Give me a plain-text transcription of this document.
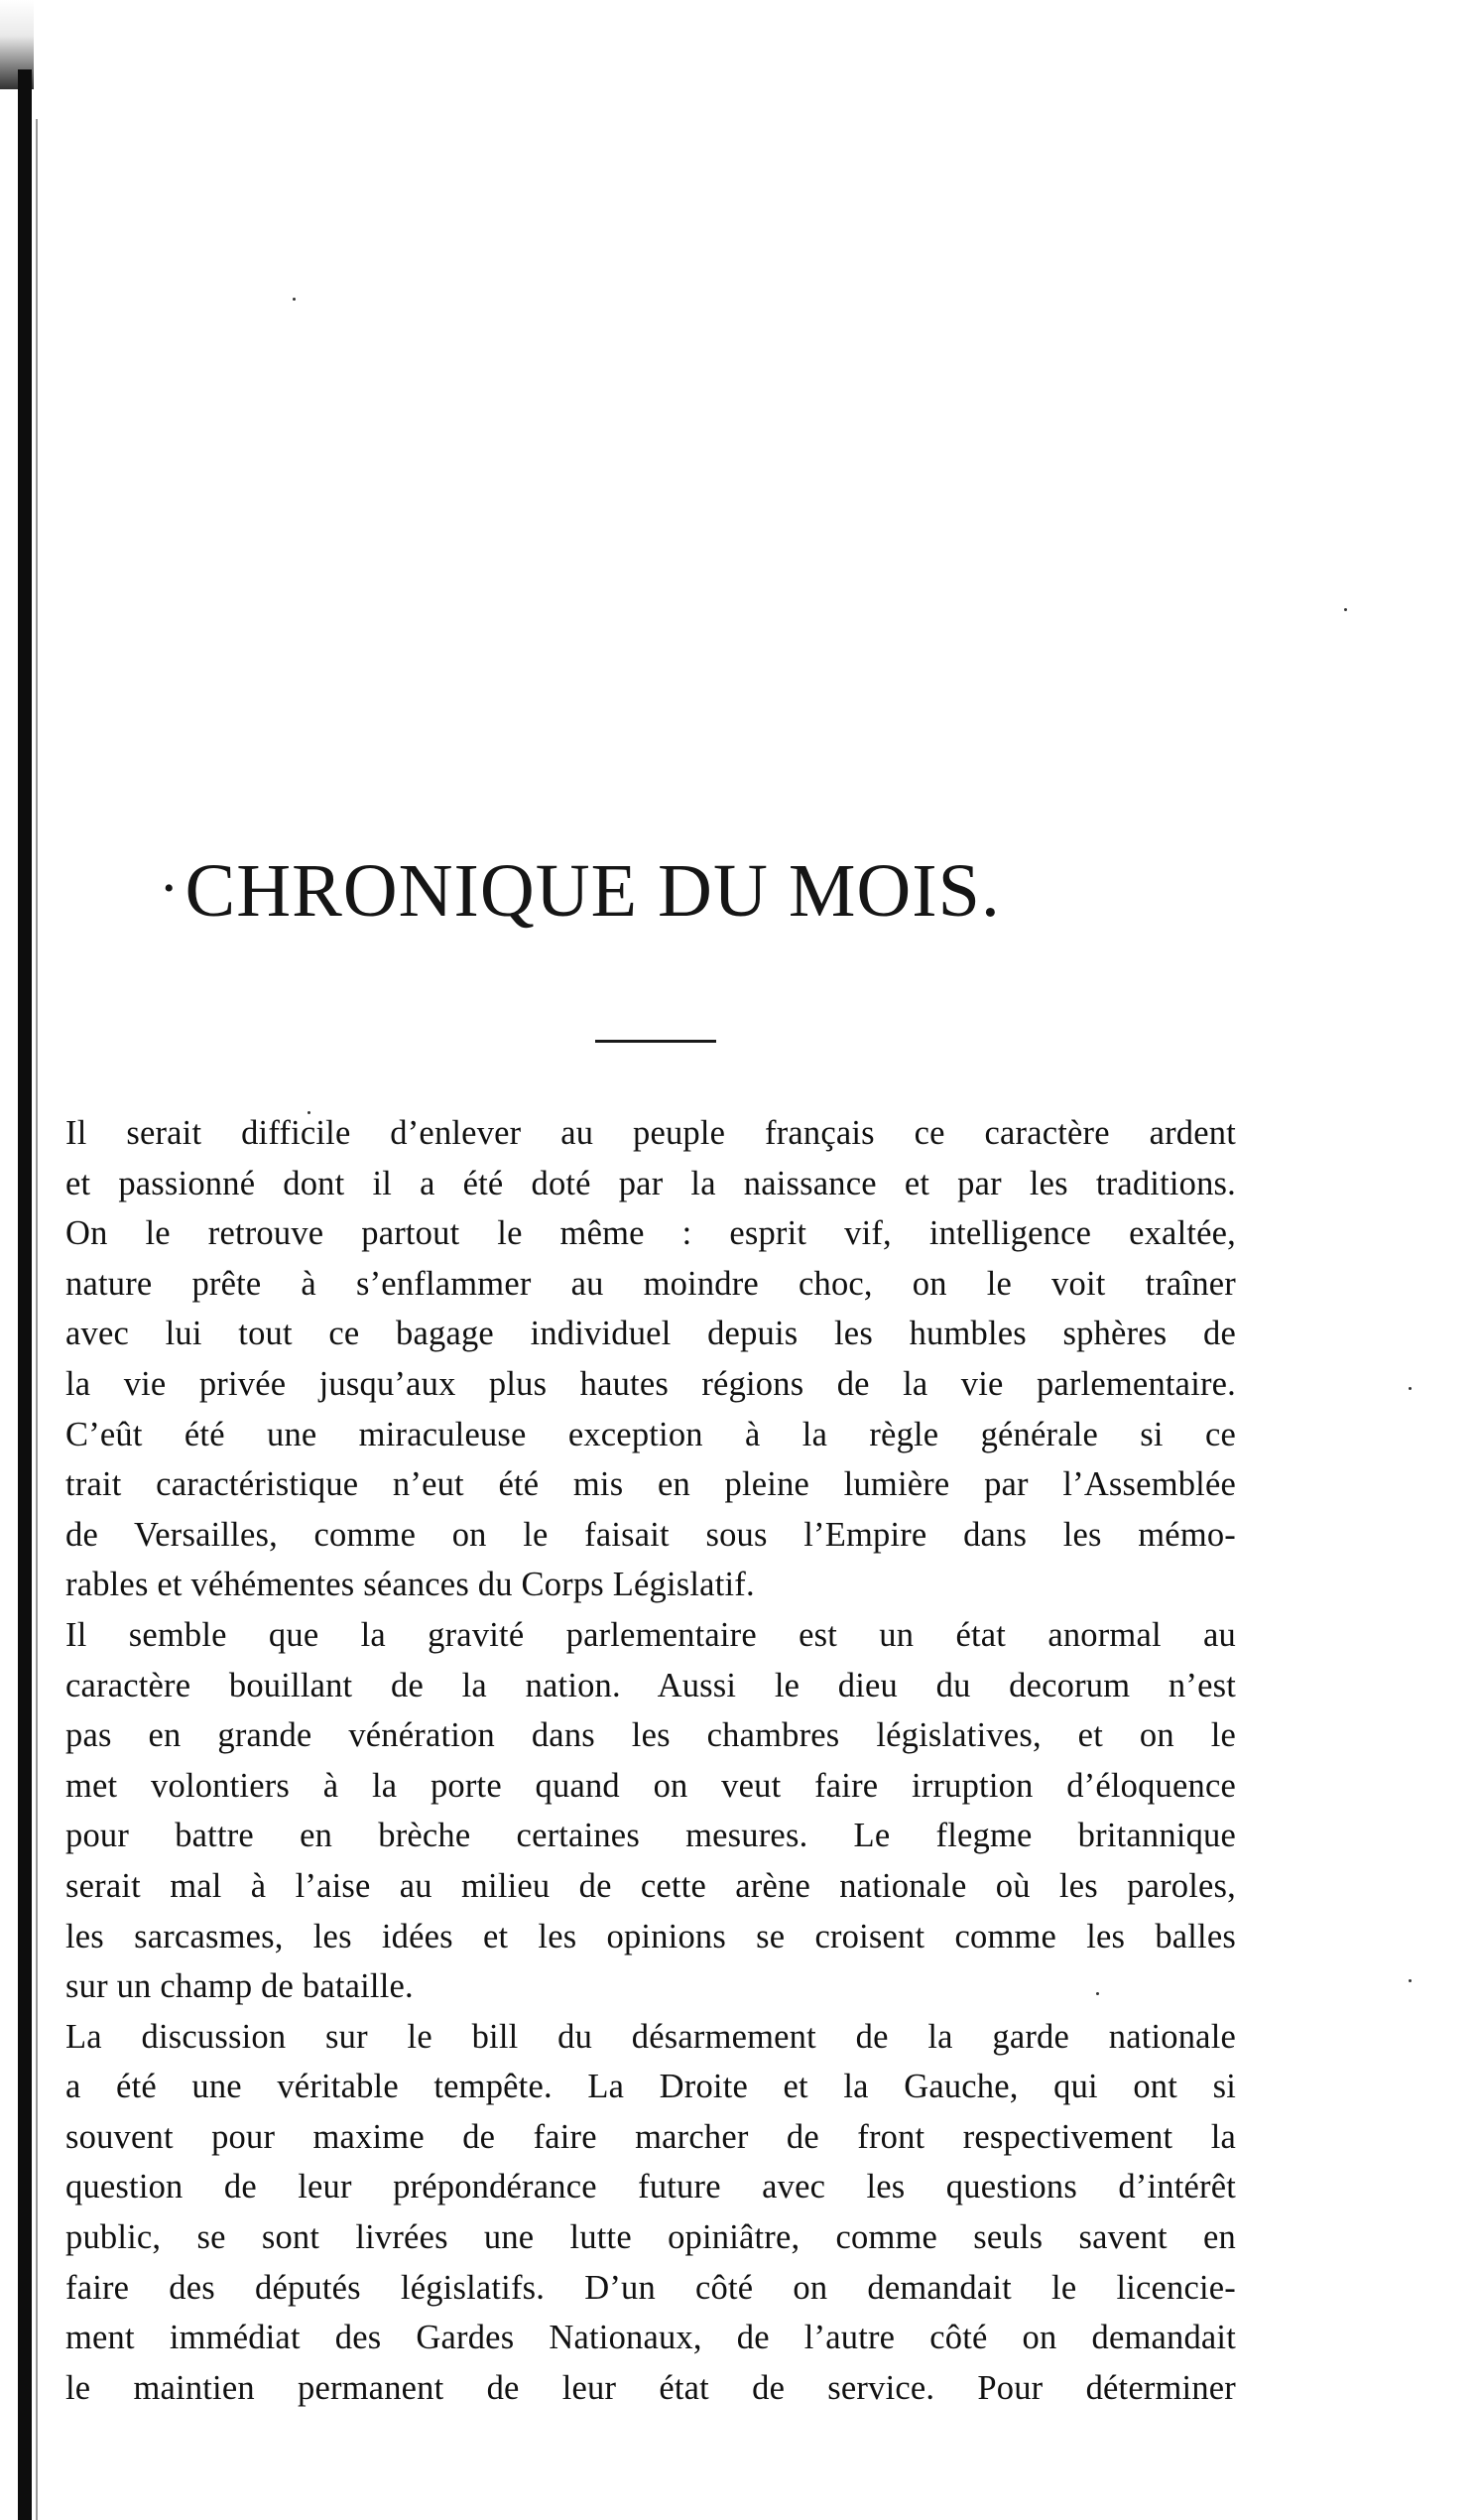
• CHRONIQUE DU MOIS.
Il serait difficile d’enlever au peuple français ce caractère ardent
et passionné dont il a été doté par la naissance et par les traditions.
On le retrouve partout le même : esprit vif, intelligence exaltée,
nature prête à s’enflammer au moindre choc, on le voit traîner
avec lui tout ce bagage individuel depuis les humbles sphères de
la vie privée jusqu’aux plus hautes régions de la vie parlementaire.
C’eût été une miraculeuse exception à la règle générale si ce
trait caractéristique n’eut été mis en pleine lumière par l’Assemblée
de Versailles, comme on le faisait sous l’Empire dans les mémo-
rables et véhémentes séances du Corps Législatif.
Il semble que la gravité parlementaire est un état anormal au
caractère bouillant de la nation. Aussi le dieu du decorum n’est
pas en grande vénération dans les chambres législatives, et on le
met volontiers à la porte quand on veut faire irruption d’éloquence
pour battre en brèche certaines mesures. Le flegme britannique
serait mal à l’aise au milieu de cette arène nationale où les paroles,
les sarcasmes, les idées et les opinions se croisent comme les balles
sur un champ de bataille.
La discussion sur le bill du désarmement de la garde nationale
a été une véritable tempête. La Droite et la Gauche, qui ont si
souvent pour maxime de faire marcher de front respectivement la
question de leur prépondérance future avec les questions d’intérêt
public, se sont livrées une lutte opiniâtre, comme seuls savent en
faire des députés législatifs. D’un côté on demandait le licencie-
ment immédiat des Gardes Nationaux, de l’autre côté on demandait
le maintien permanent de leur état de service. Pour déterminer
